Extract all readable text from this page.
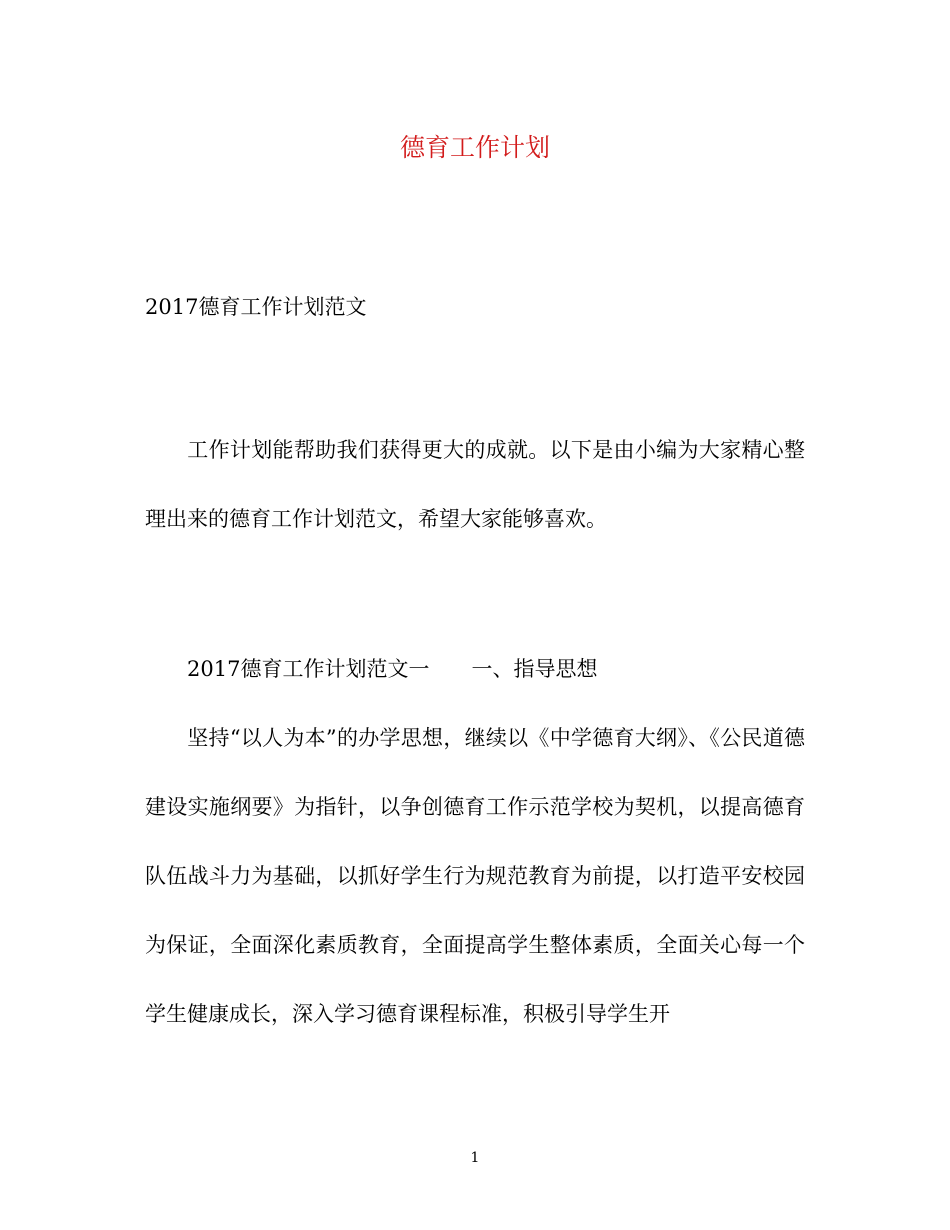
德育工作计划
2017德育工作计划范文
工作计划能帮助我们获得更大的成就。以下是由小编为大家精心整理出来的德育工作计划范文，希望大家能够喜欢。
2017德育工作计划范文一 一、指导思想
坚持“以人为本”的办学思想，继续以《中学德育大纲》、《公民道德建设实施纲要》为指针，以争创德育工作示范学校为契机，以提高德育队伍战斗力为基础，以抓好学生行为规范教育为前提，以打造平安校园为保证，全面深化素质教育，全面提高学生整体素质，全面关心每一个学生健康成长，深入学习德育课程标准，积极引导学生开
1
